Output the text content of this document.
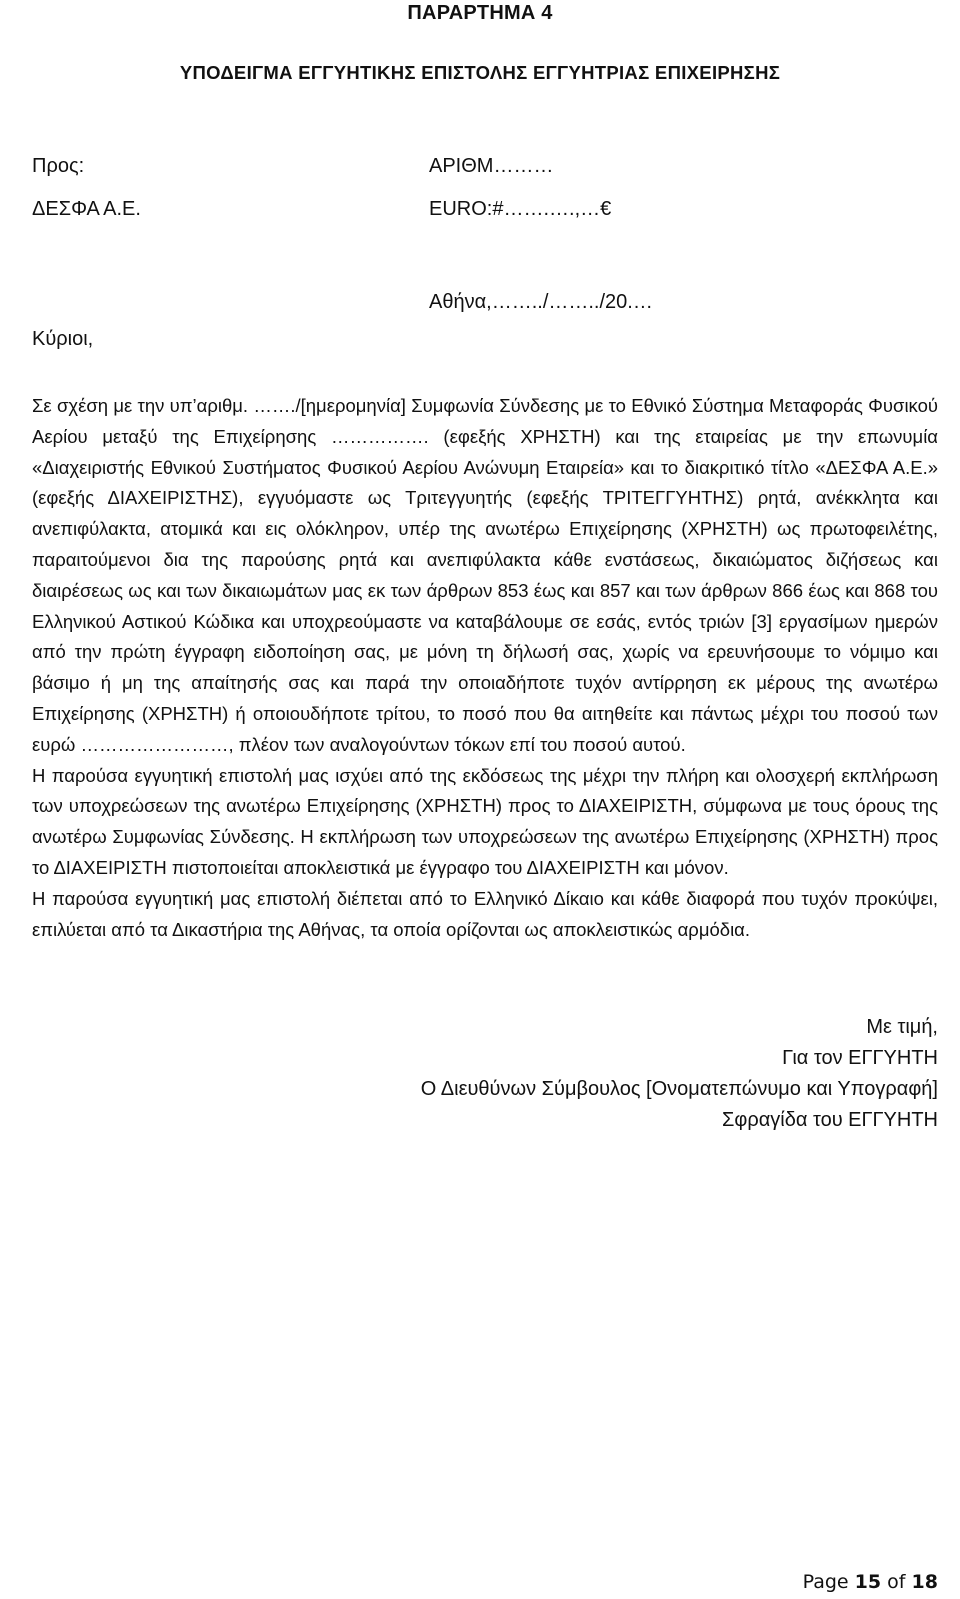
ΠΑΡΑΡΤΗΜΑ 4
ΥΠΟΔΕΙΓΜΑ ΕΓΓΥΗΤΙΚΗΣ ΕΠΙΣΤΟΛΗΣ ΕΓΓΥΗΤΡΙΑΣ ΕΠΙΧΕΙΡΗΣΗΣ
Προς:
ΔΕΣΦΑ Α.Ε.
ΑΡΙΘΜ………
EURO:#…….….,…€
Αθήνα,……../……../20.…
Κύριοι,

Σε σχέση με την υπ’αριθμ. ……./[ημερομηνία] Συμφωνία Σύνδεσης με το Εθνικό Σύστημα Μεταφοράς Φυσικού Αερίου μεταξύ της Επιχείρησης ……………. (εφεξής ΧΡΗΣΤΗ) και της εταιρείας με την επωνυμία «Διαχειριστής Εθνικού Συστήματος Φυσικού Αερίου Ανώνυμη Εταιρεία» και το διακριτικό τίτλο «ΔΕΣΦΑ Α.Ε.» (εφεξής ΔΙΑΧΕΙΡΙΣΤΗΣ), εγγυόμαστε ως Τριτεγγυητής (εφεξής ΤΡΙΤΕΓΓΥΗΤΗΣ) ρητά, ανέκκλητα και ανεπιφύλακτα, ατομικά και εις ολόκληρον, υπέρ της ανωτέρω Επιχείρησης (ΧΡΗΣΤΗ) ως πρωτοφειλέτης, παραιτούμενοι δια της παρούσης ρητά και ανεπιφύλακτα κάθε ενστάσεως, δικαιώματος διζήσεως και διαιρέσεως ως και των δικαιωμάτων μας εκ των άρθρων 853 έως και 857 και των άρθρων 866 έως και 868 του Ελληνικού Αστικού Κώδικα και υποχρεούμαστε να καταβάλουμε σε εσάς, εντός τριών [3] εργασίμων ημερών από την πρώτη έγγραφη ειδοποίηση σας, με μόνη τη δήλωσή σας, χωρίς να ερευνήσουμε το νόμιμο και βάσιμο ή μη της απαίτησής σας και παρά την οποιαδήποτε τυχόν αντίρρηση εκ μέρους της ανωτέρω Επιχείρησης (ΧΡΗΣΤΗ) ή οποιουδήποτε τρίτου, το ποσό που θα αιτηθείτε και πάντως μέχρι του ποσού των ευρώ ……………………, πλέον των αναλογούντων τόκων επί του ποσού αυτού.

Η παρούσα εγγυητική επιστολή μας ισχύει από της εκδόσεως της μέχρι την πλήρη και ολοσχερή εκπλήρωση των υποχρεώσεων της ανωτέρω Επιχείρησης (ΧΡΗΣΤΗ) προς το ΔΙΑΧΕΙΡΙΣΤΗ, σύμφωνα με τους όρους της ανωτέρω Συμφωνίας Σύνδεσης. Η εκπλήρωση των υποχρεώσεων της ανωτέρω Επιχείρησης (ΧΡΗΣΤΗ) προς το ΔΙΑΧΕΙΡΙΣΤΗ πιστοποιείται αποκλειστικά με έγγραφο του ΔΙΑΧΕΙΡΙΣΤΗ και μόνον.

Η παρούσα εγγυητική μας επιστολή διέπεται από το Ελληνικό Δίκαιο και κάθε διαφορά που τυχόν προκύψει, επιλύεται από τα Δικαστήρια της Αθήνας, τα οποία ορίζονται ως αποκλειστικώς αρμόδια.

Με τιμή,
Για τον ΕΓΓΥΗΤΗ
Ο Διευθύνων Σύμβουλος [Ονοματεπώνυμο και Υπογραφή]
Σφραγίδα του ΕΓΓΥΗΤΗ
Page 15 of 18
